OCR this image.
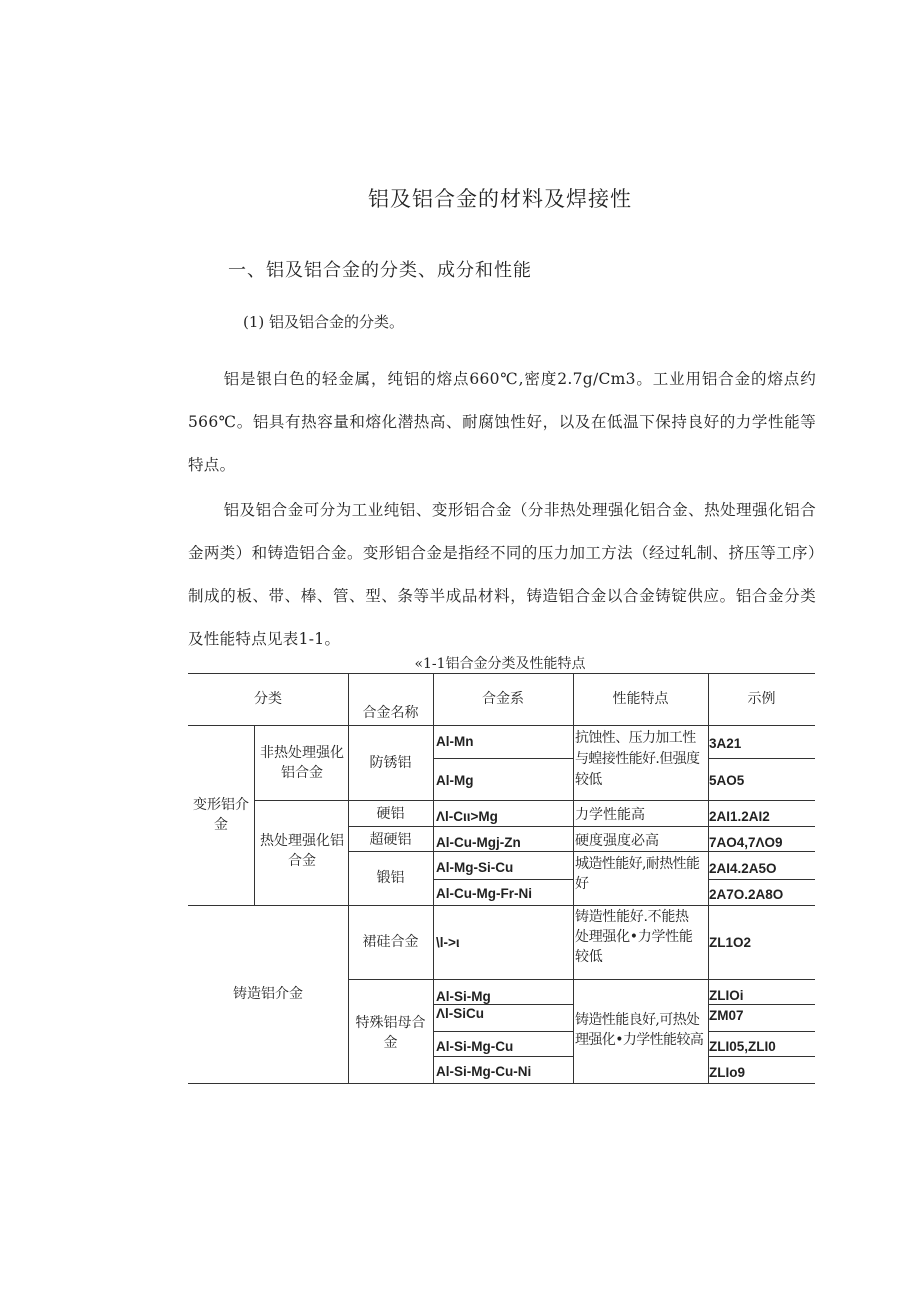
铝及铝合金的材料及焊接性
一、铝及铝合金的分类、成分和性能
(1) 铝及铝合金的分类。

铝是银白色的轻金属，纯铝的熔点660℃,密度2.7g∕Cm3。工业用铝合金的熔点约566℃。铝具有热容量和熔化潜热高、耐腐蚀性好，以及在低温下保持良好的力学性能等特点。

铝及铝合金可分为工业纯铝、变形铝合金（分非热处理强化铝合金、热处理强化铝合金两类）和铸造铝合金。变形铝合金是指经不同的压力加工方法（经过轧制、挤压等工序）制成的板、带、棒、管、型、条等半成品材料，铸造铝合金以合金铸锭供应。铝合金分类及性能特点见表1-1。

«1-1铝合金分类及性能特点
分类
合金名称
合金系	性能特点	示例
变形铝介金
非热处理强化铝合金
热处理强化铝合金
铸造铝介金
防锈铝
硬铝
超硬铝
锻铝
裙硅合金
特殊铝母合金
Al-Mn
Al-Mg
Λl-Cιι>Mg
Al-Cu-Mgj-Zn
Al-Mg-Si-Cu
Al-Cu-Mg-Fr-Ni
\l->ι
Al-Si-Mg
Λl-SiCu
Al-Si-Mg-Cu
Al-Si-Mg-Cu-Ni
抗蚀性、压力加工性与蝗接性能好.但强度较低
力学性能高
硬度强度必高
城造性能好,耐热性能好
铸造性能好.不能热处理强化•力学性能较低
铸造性能良好,可热处理强化•力学性能较高
3A21
5AO5
2AI1.2AI2
7AO4,7ΛO9
2AI4.2A5O
2A7O.2A8O
ZL1O2
ZLIOi
ZM07
ZLI05,ZLI0
ZLIo9
